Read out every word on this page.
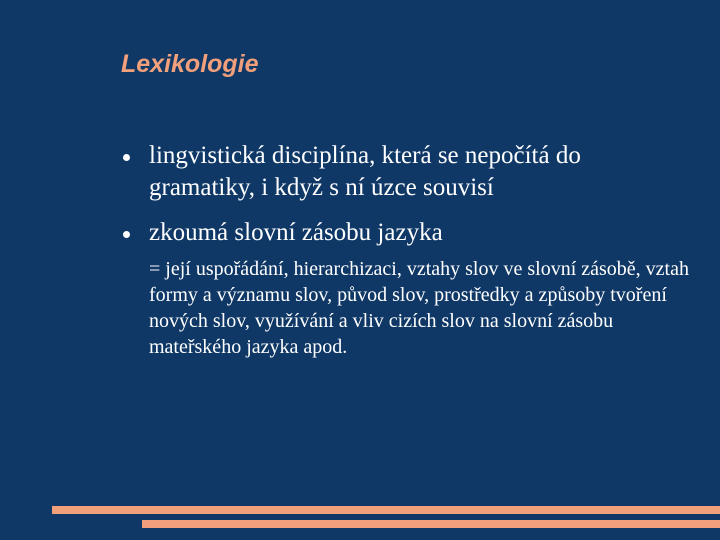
Lexikologie
lingvistická disciplína, která se nepočítá do gramatiky, i když s ní úzce souvisí
zkoumá slovní zásobu jazyka

= její uspořádání, hierarchizaci, vztahy slov ve slovní zásobě, vztah formy a významu slov, původ slov, prostředky a způsoby tvoření nových slov, využívání a vliv cizích slov na slovní zásobu mateřského jazyka apod.
